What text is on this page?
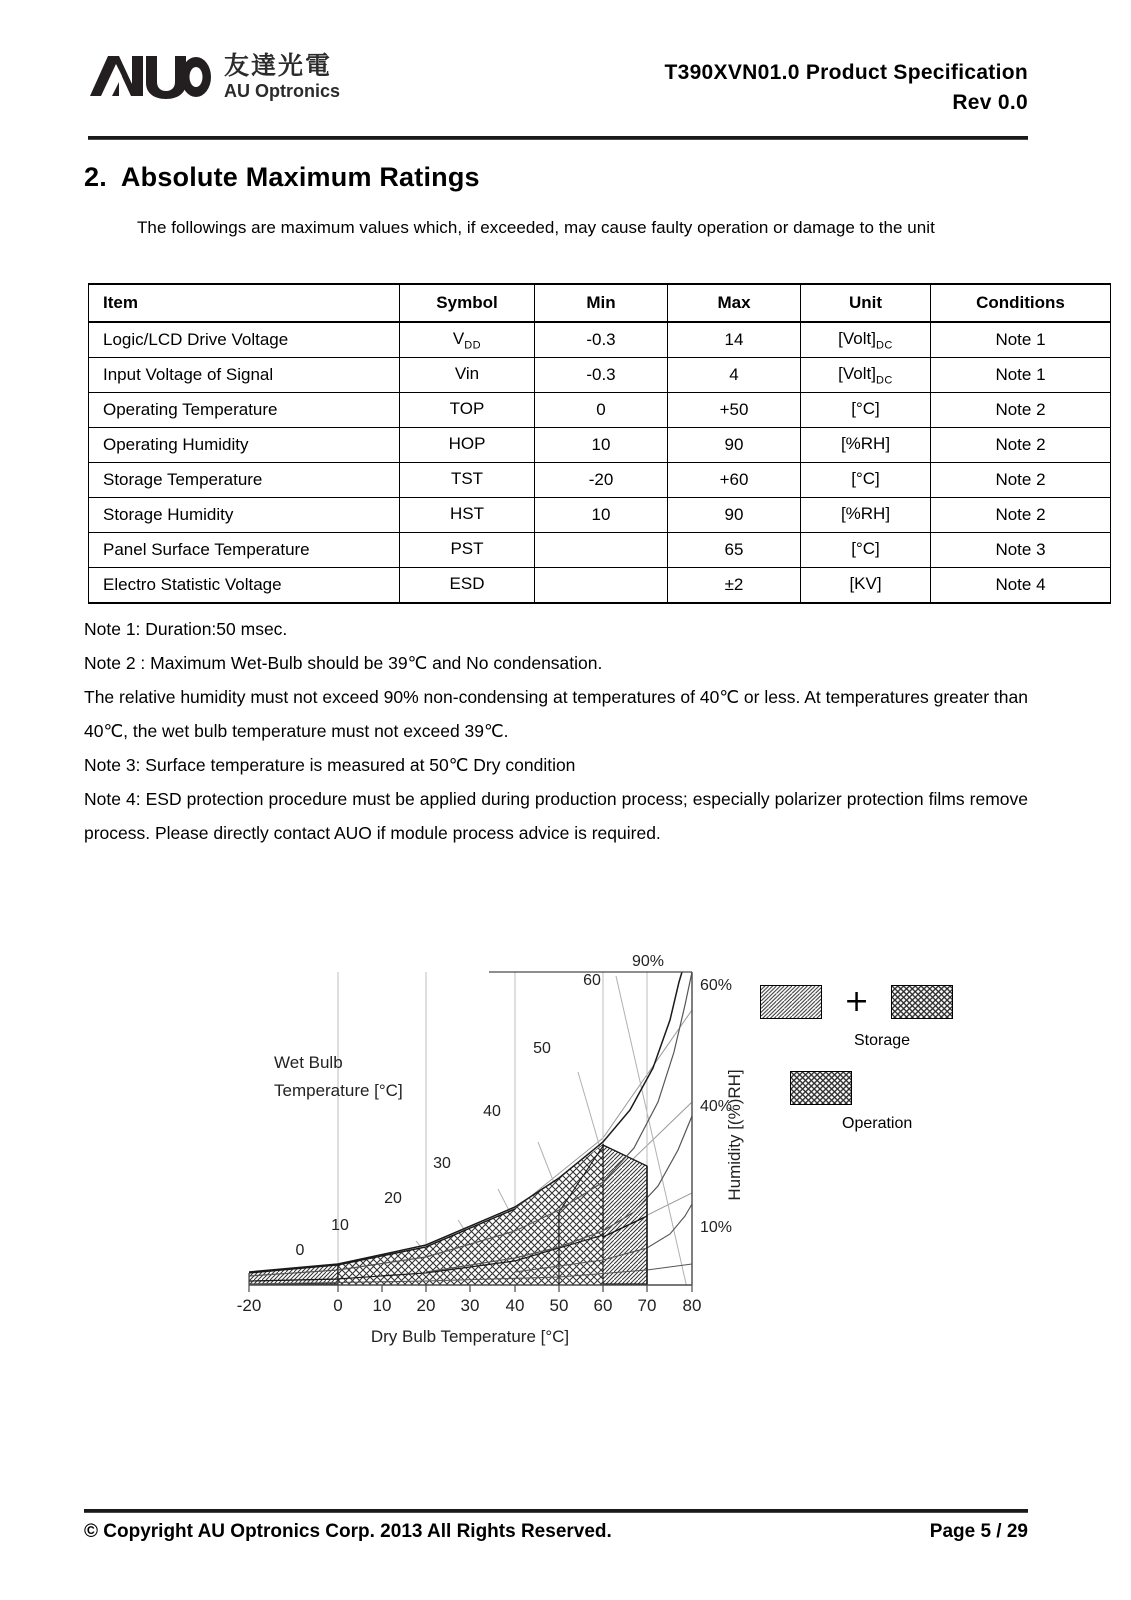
友達光電
AU Optronics
T390XVN01.0 Product Specification
Rev 0.0
2. Absolute Maximum Ratings
The followings are maximum values which, if exceeded, may cause faulty operation or damage to the unit
Item	Symbol	Min	Max	Unit	Conditions
Logic/LCD Drive Voltage	$V_{DD}$	-0.3	14	$[Volt]_{DC}$	Note 1
Input Voltage of Signal	Vin	-0.3	4	$[Volt]_{DC}$	Note 1
Operating Temperature	TOP	0	+50	[°C]	Note 2
Operating Humidity	HOP	10	90	[%RH]	Note 2
Storage Temperature	TST	-20	+60	[°C]	Note 2
Storage Humidity	HST	10	90	[%RH]	Note 2
Panel Surface Temperature	PST		65	[°C]	Note 3
Electro Statistic Voltage	ESD		±2	[KV]	Note 4

Note 1: Duration:50 msec.

Note 2 : Maximum Wet-Bulb should be 39℃ and No condensation.

The relative humidity must not exceed 90% non-condensing at temperatures of 40℃ or less. At temperatures greater than 40℃, the wet bulb temperature must not exceed 39℃.

Note 3: Surface temperature is measured at 50℃ Dry condition

Note 4: ESD protection procedure must be applied during production process; especially polarizer protection films remove process. Please directly contact AUO if module process advice is required.

-20	0 10 20 30 40 50 60 70 80
Dry Bulb Temperature [°C]
90%
60%
40%
10%
0
10
20
30
40
50
60
Wet Bulb
Temperature [°C]	Humidity [(%)RH]
+
Storage
Operation
© Copyright AU Optronics Corp. 2013 All Rights Reserved.	Page 5 / 29
